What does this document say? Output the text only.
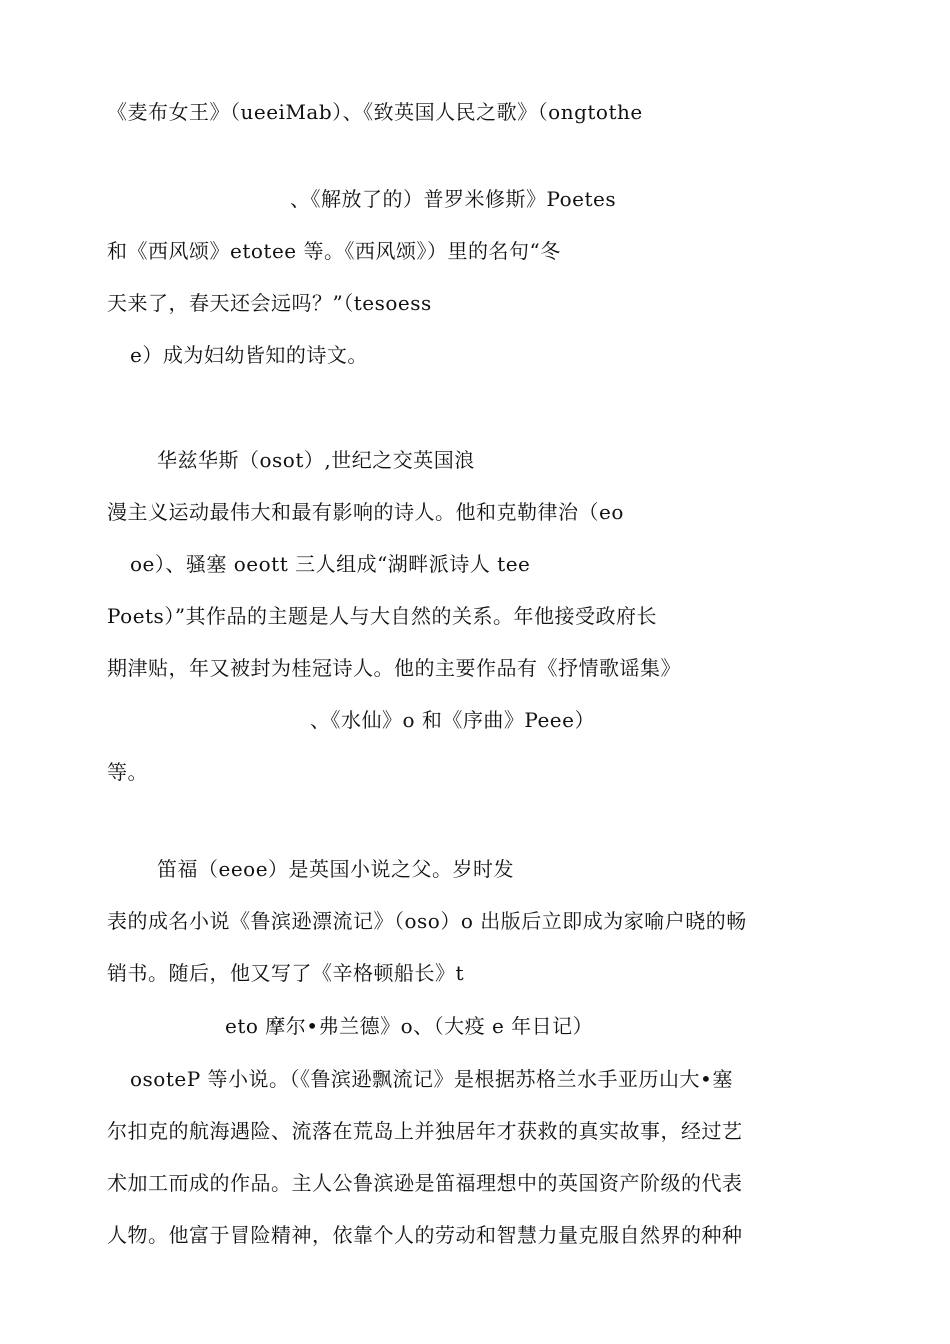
《麦布女王》（ueeiMab）、《致英国人民之歌》（ongtothe
、《解放了的）普罗米修斯》Poetes
和《西风颂》etotee 等。《西风颂》）里的名句“冬
天来了，春天还会远吗？”（tesoess
e）成为妇幼皆知的诗文。
华兹华斯（osot）,世纪之交英国浪
漫主义运动最伟大和最有影响的诗人。他和克勒律治（eo
oe）、骚塞 oeott 三人组成“湖畔派诗人 tee
Poets）”其作品的主题是人与大自然的关系。年他接受政府长
期津贴，年又被封为桂冠诗人。他的主要作品有《抒情歌谣集》
、《水仙》o 和《序曲》Peee）
等。
笛福（eeoe）是英国小说之父。岁时发
表的成名小说《鲁滨逊漂流记》（oso）o 出版后立即成为家喻户晓的畅
销书。随后，他又写了《辛格顿船长》t
eto 摩尔•弗兰德》o、（大疫 e 年日记）
osoteP 等小说。（《鲁滨逊飘流记》是根据苏格兰水手亚历山大•塞
尔扣克的航海遇险、流落在荒岛上并独居年才获救的真实故事，经过艺
术加工而成的作品。主人公鲁滨逊是笛福理想中的英国资产阶级的代表
人物。他富于冒险精神，依靠个人的劳动和智慧力量克服自然界的种种
